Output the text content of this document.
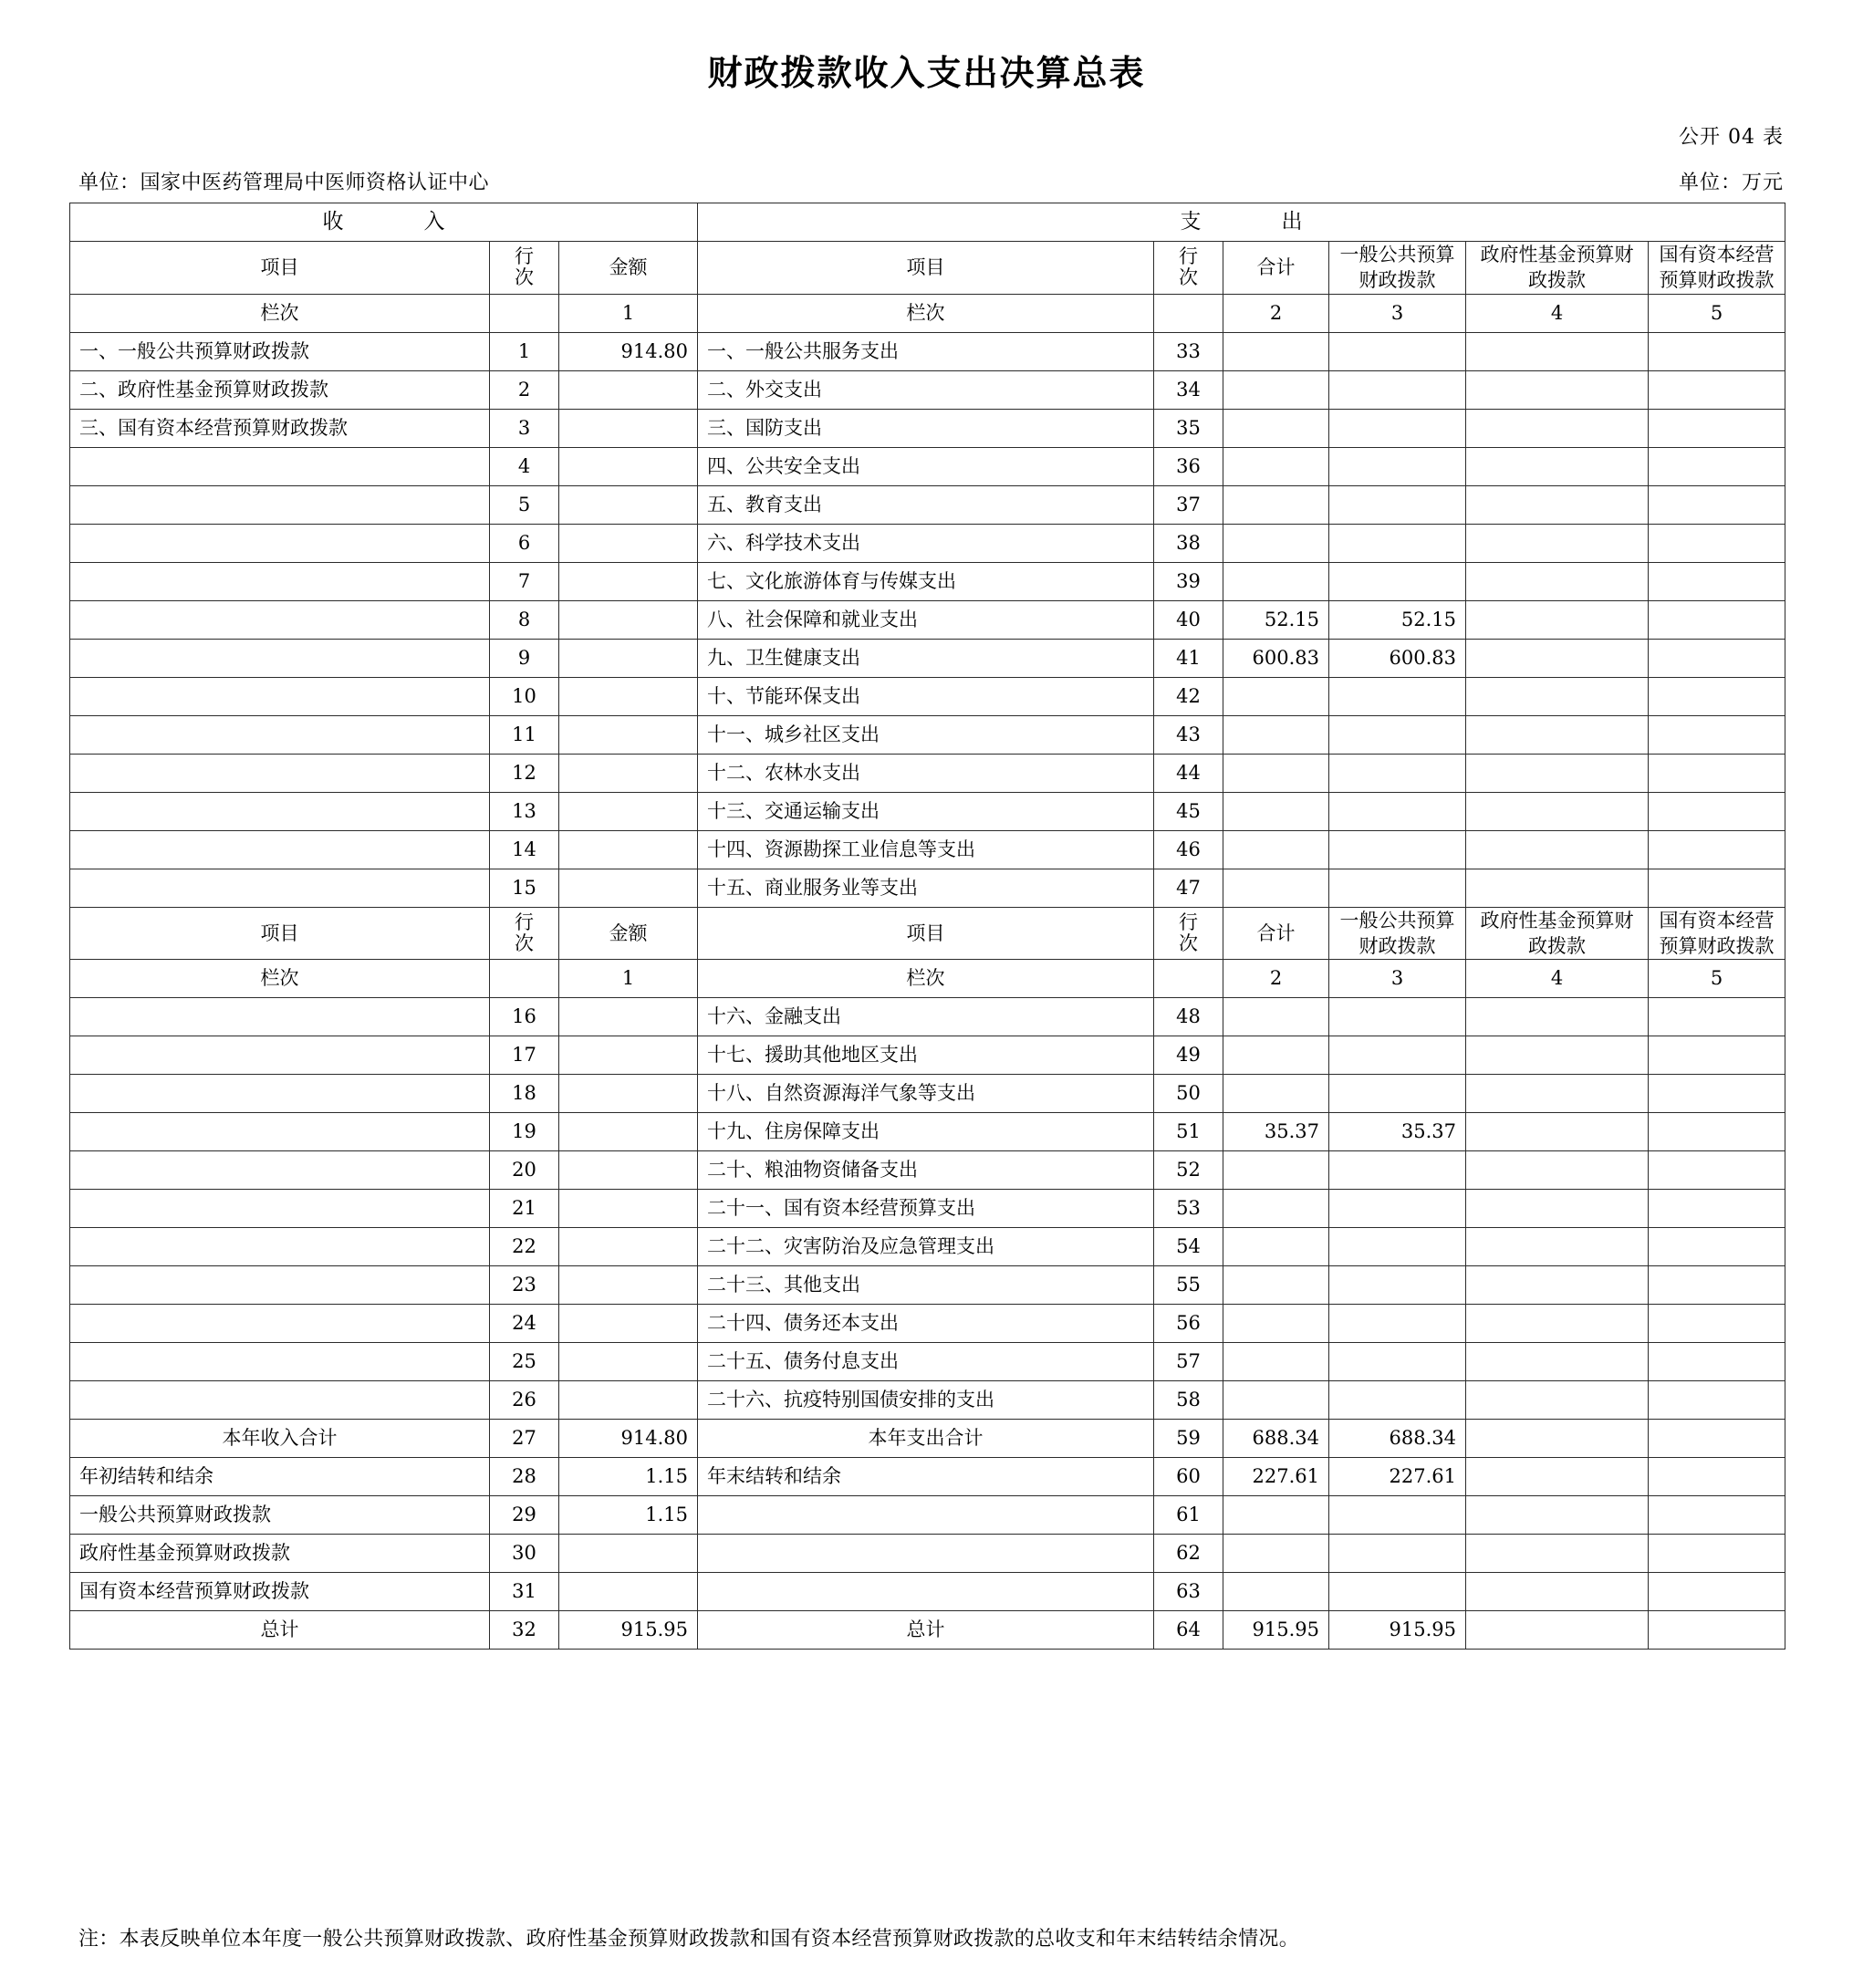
财政拨款收入支出决算总表
公开 04 表
单位：万元
单位：国家中医药管理局中医师资格认证中心
收　　入			支　　出					
项目	行次	金额	项目	行次	合计	一般公共预算财政拨款	政府性基金预算财政拨款	国有资本经营预算财政拨款

栏次		1	栏次		2	3	4	5
一、一般公共预算财政拨款	1	914.80	一、一般公共服务支出	33				
二、政府性基金预算财政拨款	2		二、外交支出	34				
三、国有资本经营预算财政拨款	3		三、国防支出	35				
	4		四、公共安全支出	36				
	5		五、教育支出	37				
	6		六、科学技术支出	38				
	7		七、文化旅游体育与传媒支出	39				
	8		八、社会保障和就业支出	40	52.15	52.15		
	9		九、卫生健康支出	41	600.83	600.83		
	10		十、节能环保支出	42				
	11		十一、城乡社区支出	43				
	12		十二、农林水支出	44				
	13		十三、交通运输支出	45				
	14		十四、资源勘探工业信息等支出	46				
	15		十五、商业服务业等支出	47				
项目	行次	金额	项目	行次	合计	一般公共预算财政拨款	政府性基金预算财政拨款	国有资本经营预算财政拨款

栏次		1	栏次		2	3	4	5
	16		十六、金融支出	48				
	17		十七、援助其他地区支出	49				
	18		十八、自然资源海洋气象等支出	50				
	19		十九、住房保障支出	51	35.37	35.37		
	20		二十、粮油物资储备支出	52				
	21		二十一、国有资本经营预算支出	53				
	22		二十二、灾害防治及应急管理支出	54				
	23		二十三、其他支出	55				
	24		二十四、债务还本支出	56				
	25		二十五、债务付息支出	57				
	26		二十六、抗疫特别国债安排的支出	58				
本年收入合计	27	914.80	本年支出合计	59	688.34	688.34		
年初结转和结余	28	1.15	年末结转和结余	60	227.61	227.61		
一般公共预算财政拨款	29	1.15		61				
政府性基金预算财政拨款	30			62				
国有资本经营预算财政拨款	31			63				
总计	32	915.95	总计	64	915.95	915.95		
注：本表反映单位本年度一般公共预算财政拨款、政府性基金预算财政拨款和国有资本经营预算财政拨款的总收支和年末结转结余情况。
